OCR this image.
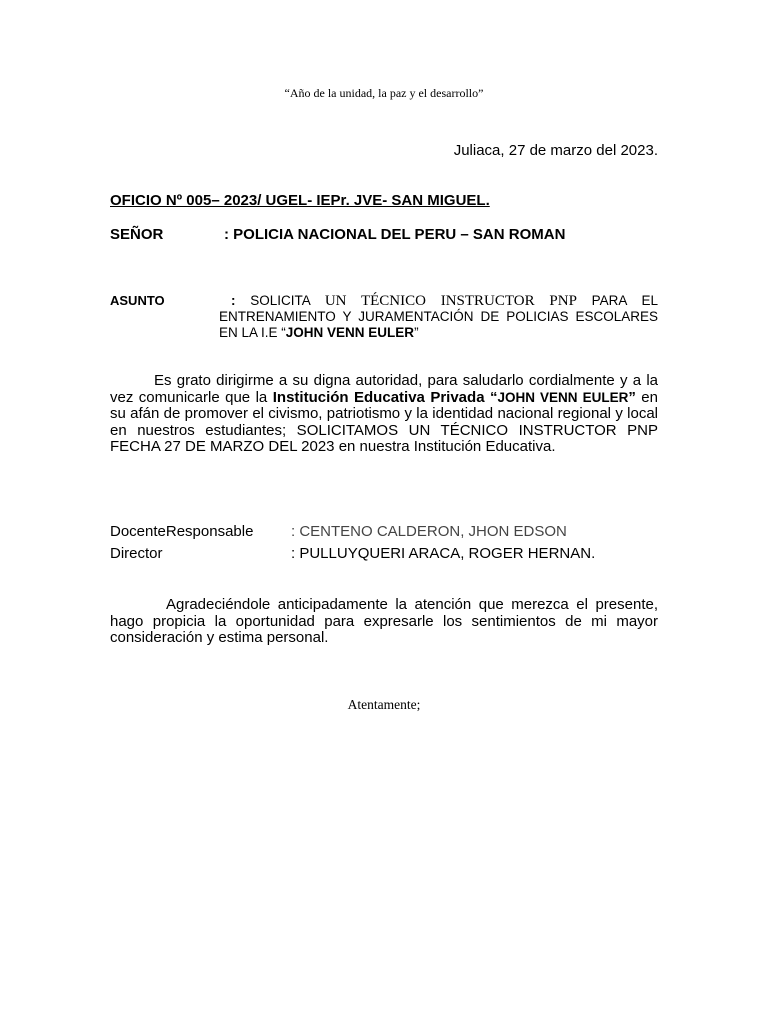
“Año de la unidad, la paz y el desarrollo”
Juliaca, 27 de marzo del 2023.
OFICIO Nº 005– 2023/ UGEL- IEPr. JVE- SAN MIGUEL.
SEÑOR	: POLICIA NACIONAL DEL PERU – SAN ROMAN
ASUNTO	: SOLICITA UN TÉCNICO INSTRUCTOR PNP PARA EL ENTRENAMIENTO Y JURAMENTACIÓN DE POLICIAS ESCOLARES EN LA I.E “JOHN VENN EULER”
Es grato dirigirme a su digna autoridad, para saludarlo cordialmente y a la vez comunicarle que la Institución Educativa Privada “JOHN VENN EULER” en su afán de promover el civismo, patriotismo y la identidad nacional regional y local en nuestros estudiantes; SOLICITAMOS UN TÉCNICO INSTRUCTOR PNP FECHA 27 DE MARZO DEL 2023 en nuestra Institución Educativa.
DocenteResponsable	: CENTENO CALDERON, JHON EDSON
Director	: PULLUYQUERI ARACA, ROGER HERNAN.
Agradeciéndole anticipadamente la atención que merezca el presente, hago propicia la oportunidad para expresarle los sentimientos de mi mayor consideración y estima personal.
Atentamente;
